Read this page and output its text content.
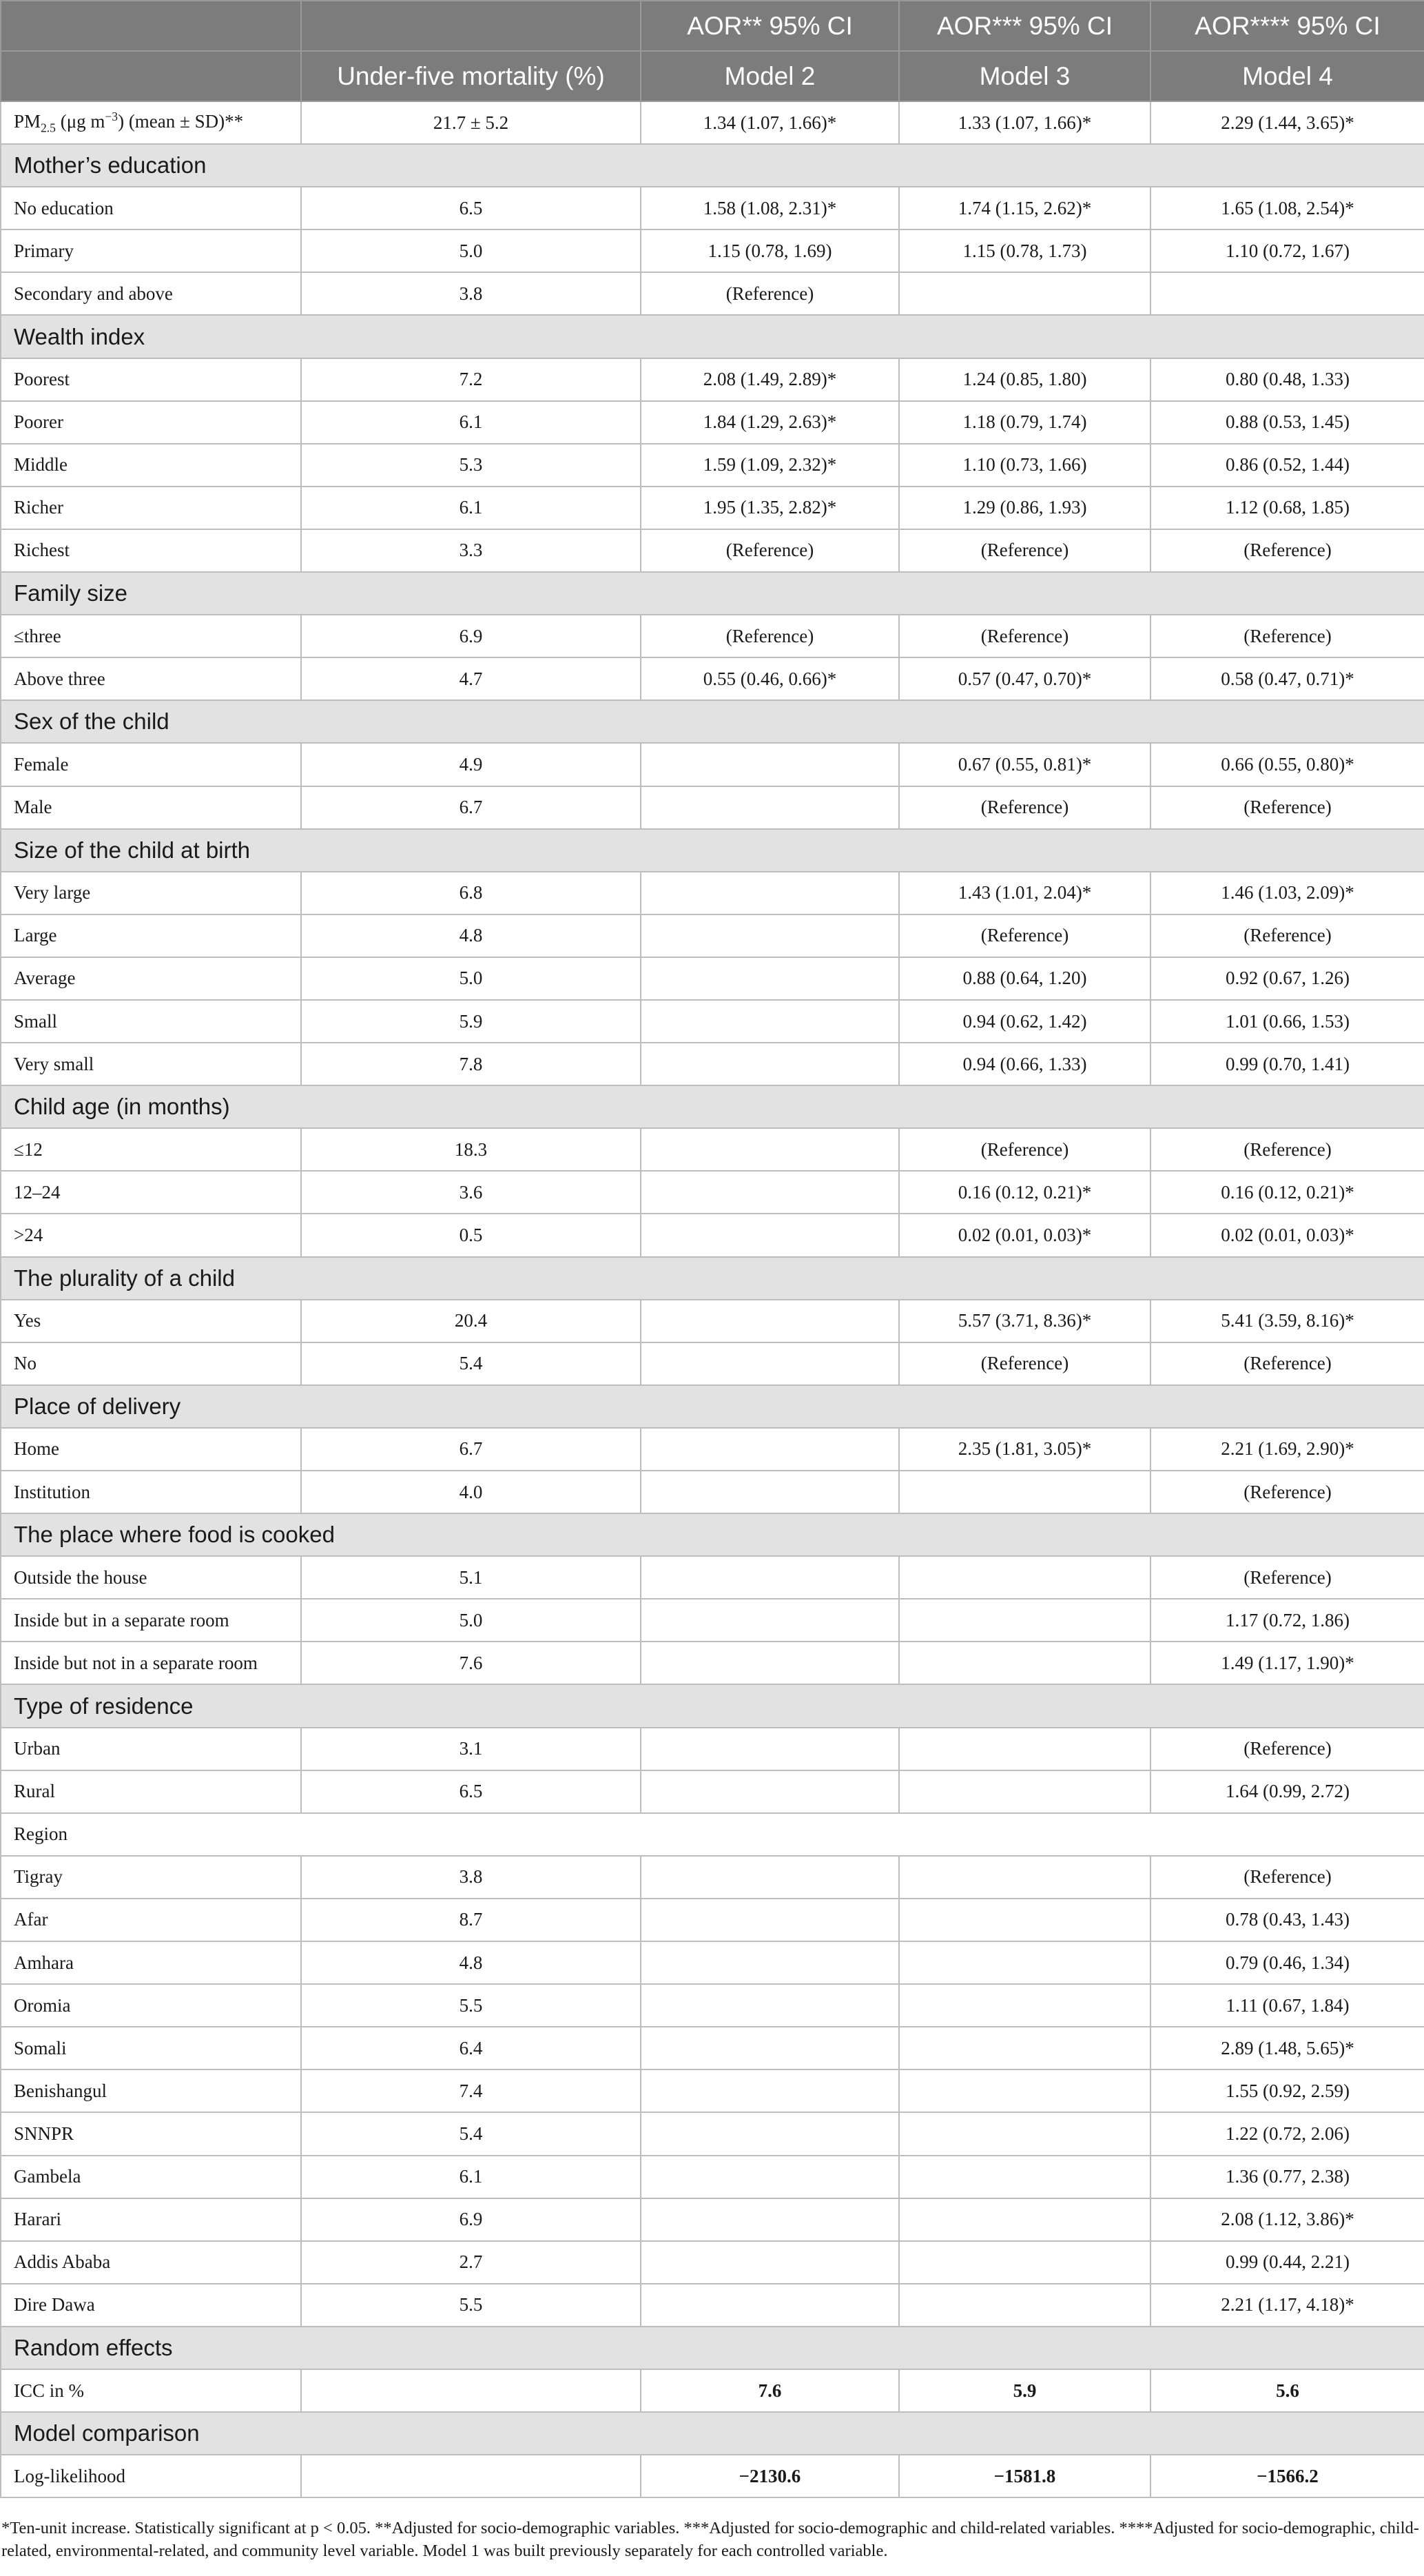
		AOR** 95% CI	AOR*** 95% CI	AOR**** 95% CI
	Under-five mortality (%)	Model 2	Model 3	Model 4
$PM_{2.5}$ (μg $m^{-3}$) (mean ± SD)**	21.7 ± 5.2	1.34 (1.07, 1.66)*	1.33 (1.07, 1.66)*	2.29 (1.44, 3.65)*
Mother’s education				
No education	6.5	1.58 (1.08, 2.31)*	1.74 (1.15, 2.62)*	1.65 (1.08, 2.54)*
Primary	5.0	1.15 (0.78, 1.69)	1.15 (0.78, 1.73)	1.10 (0.72, 1.67)
Secondary and above	3.8	(Reference)		
Wealth index				
Poorest	7.2	2.08 (1.49, 2.89)*	1.24 (0.85, 1.80)	0.80 (0.48, 1.33)
Poorer	6.1	1.84 (1.29, 2.63)*	1.18 (0.79, 1.74)	0.88 (0.53, 1.45)
Middle	5.3	1.59 (1.09, 2.32)*	1.10 (0.73, 1.66)	0.86 (0.52, 1.44)
Richer	6.1	1.95 (1.35, 2.82)*	1.29 (0.86, 1.93)	1.12 (0.68, 1.85)
Richest	3.3	(Reference)	(Reference)	(Reference)
Family size				
≤three	6.9	(Reference)	(Reference)	(Reference)
Above three	4.7	0.55 (0.46, 0.66)*	0.57 (0.47, 0.70)*	0.58 (0.47, 0.71)*
Sex of the child				
Female	4.9		0.67 (0.55, 0.81)*	0.66 (0.55, 0.80)*
Male	6.7		(Reference)	(Reference)
Size of the child at birth				
Very large	6.8		1.43 (1.01, 2.04)*	1.46 (1.03, 2.09)*
Large	4.8		(Reference)	(Reference)
Average	5.0		0.88 (0.64, 1.20)	0.92 (0.67, 1.26)
Small	5.9		0.94 (0.62, 1.42)	1.01 (0.66, 1.53)
Very small	7.8		0.94 (0.66, 1.33)	0.99 (0.70, 1.41)
Child age (in months)				
≤12	18.3		(Reference)	(Reference)
12–24	3.6		0.16 (0.12, 0.21)*	0.16 (0.12, 0.21)*
>24	0.5		0.02 (0.01, 0.03)*	0.02 (0.01, 0.03)*
The plurality of a child				
Yes	20.4		5.57 (3.71, 8.36)*	5.41 (3.59, 8.16)*
No	5.4		(Reference)	(Reference)
Place of delivery				
Home	6.7		2.35 (1.81, 3.05)*	2.21 (1.69, 2.90)*
Institution	4.0			(Reference)
The place where food is cooked				
Outside the house	5.1			(Reference)
Inside but in a separate room	5.0			1.17 (0.72, 1.86)
Inside but not in a separate room	7.6			1.49 (1.17, 1.90)*
Type of residence				
Urban	3.1			(Reference)
Rural	6.5			1.64 (0.99, 2.72)
Region				
Tigray	3.8			(Reference)
Afar	8.7			0.78 (0.43, 1.43)
Amhara	4.8			0.79 (0.46, 1.34)
Oromia	5.5			1.11 (0.67, 1.84)
Somali	6.4			2.89 (1.48, 5.65)*
Benishangul	7.4			1.55 (0.92, 2.59)
SNNPR	5.4			1.22 (0.72, 2.06)
Gambela	6.1			1.36 (0.77, 2.38)
Harari	6.9			2.08 (1.12, 3.86)*
Addis Ababa	2.7			0.99 (0.44, 2.21)
Dire Dawa	5.5			2.21 (1.17, 4.18)*
Random effects				
ICC in %		7.6	5.9	5.6
Model comparison				
Log-likelihood		−2130.6	−1581.8	−1566.2
*Ten-unit increase. Statistically significant at p < 0.05. **Adjusted for socio-demographic variables. ***Adjusted for socio-demographic and child-related variables. ****Adjusted for socio-demographic, child-related, environmental-related, and community level variable. Model 1 was built previously separately for each controlled variable.
